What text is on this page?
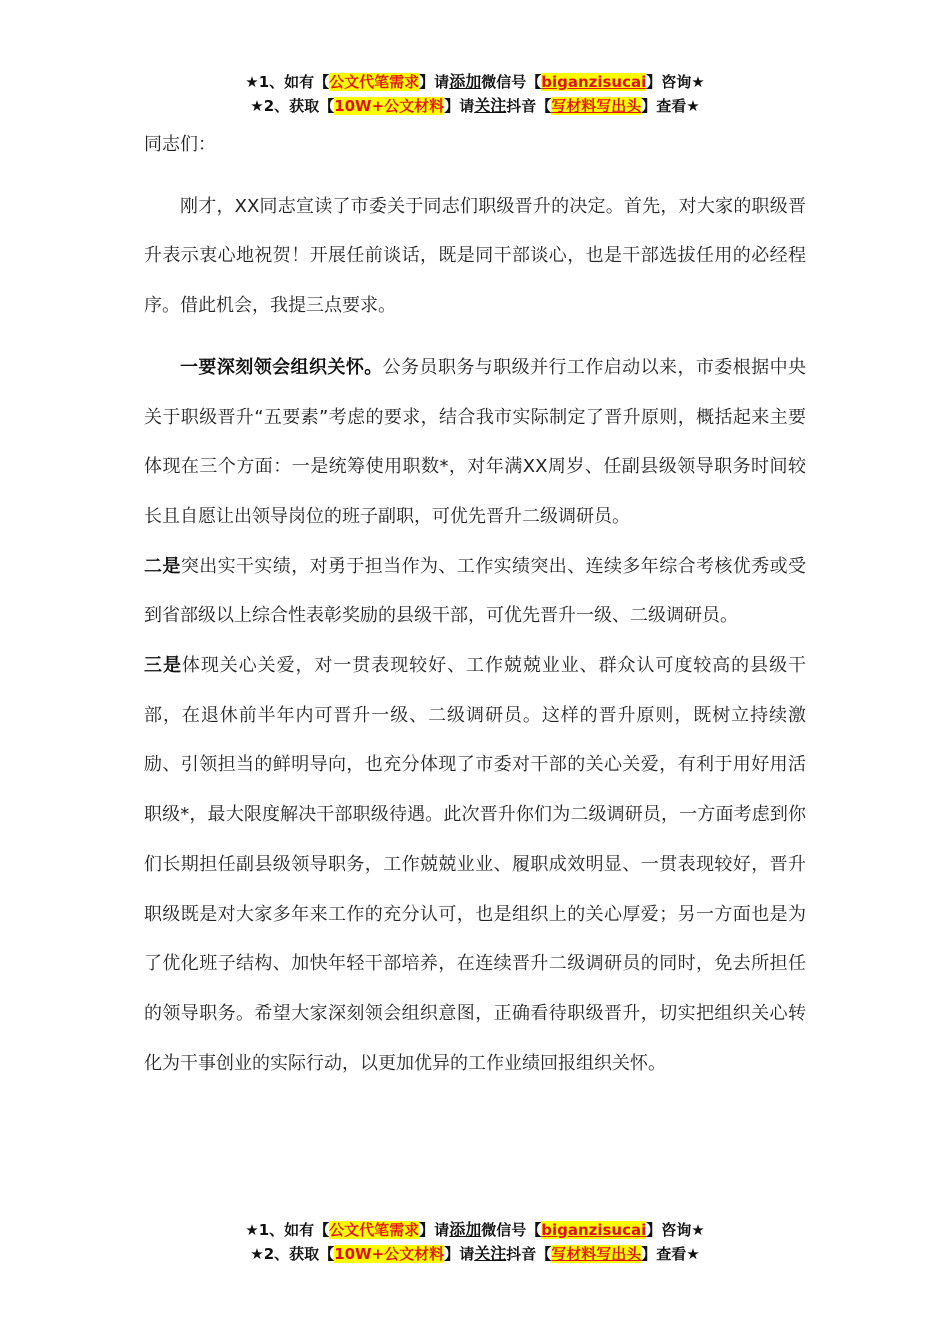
★1、如有【公文代笔需求】请添加微信号【biganzisucai】咨询★
★2、获取【10W+公文材料】请关注抖音【写材料写出头】查看★

同志们：

刚才，XX同志宣读了市委关于同志们职级晋升的决定。首先，对大家的职级晋升表示衷心地祝贺！开展任前谈话，既是同干部谈心，也是干部选拔任用的必经程序。借此机会，我提三点要求。

一要深刻领会组织关怀。公务员职务与职级并行工作启动以来，市委根据中央关于职级晋升“五要素”考虑的要求，结合我市实际制定了晋升原则，概括起来主要体现在三个方面：一是统筹使用职数*，对年满XX周岁、任副县级领导职务时间较长且自愿让出领导岗位的班子副职，可优先晋升二级调研员。
二是突出实干实绩，对勇于担当作为、工作实绩突出、连续多年综合考核优秀或受到省部级以上综合性表彰奖励的县级干部，可优先晋升一级、二级调研员。
三是体现关心关爱，对一贯表现较好、工作兢兢业业、群众认可度较高的县级干部，在退休前半年内可晋升一级、二级调研员。这样的晋升原则，既树立持续激励、引领担当的鲜明导向，也充分体现了市委对干部的关心关爱，有利于用好用活职级*，最大限度解决干部职级待遇。此次晋升你们为二级调研员，一方面考虑到你们长期担任副县级领导职务，工作兢兢业业、履职成效明显、一贯表现较好，晋升职级既是对大家多年来工作的充分认可，也是组织上的关心厚爱；另一方面也是为了优化班子结构、加快年轻干部培养，在连续晋升二级调研员的同时，免去所担任的领导职务。希望大家深刻领会组织意图，正确看待职级晋升，切实把组织关心转化为干事创业的实际行动，以更加优异的工作业绩回报组织关怀。

★1、如有【公文代笔需求】请添加微信号【biganzisucai】咨询★
★2、获取【10W+公文材料】请关注抖音【写材料写出头】查看★
